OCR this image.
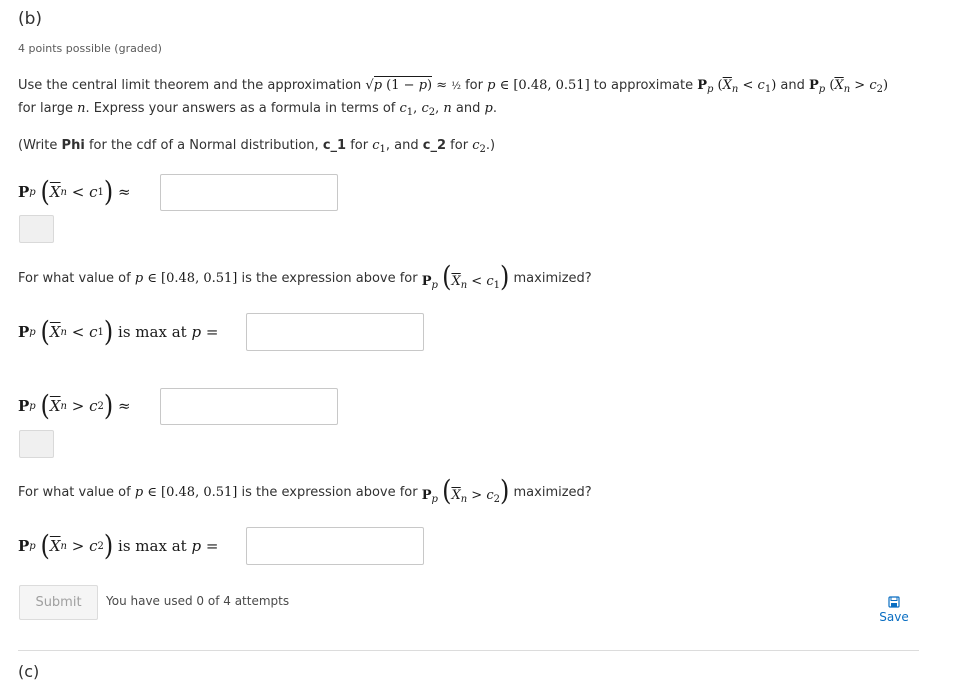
(b)
4 points possible (graded)
Use the central limit theorem and the approximation √p (1 − p) ≈ ½ for p ∈ [0.48, 0.51] to approximate $P_p$ $(\overline{X}_n < c_1)$ and $P_p$ $(\overline{X}_n > c_2)$
for large n. Express your answers as a formula in terms of $c_1$, $c_2$, n and p.
(Write Phi for the cdf of a Normal distribution, c_1 for $c_1$, and c_2 for $c_2$.)
P p
( $\overline{X}$ n < c 1 )
≈
For what value of
p ∈ [0.48, 0.51]
is the expression above for
$P_p$ $(\overline{X}_n < c_1)$
maximized?
P p
( $\overline{X}$ n < c 1 )
is max at
p =
P p
( $\overline{X}$ n > c 2 )
≈
For what value of
p ∈ [0.48, 0.51]
is the expression above for
$P_p$ $(\overline{X}_n > c_2)$
maximized?
P p
( $\overline{X}$ n > c 2 )
is max at
p =
Submit	You have used 0 of 4 attempts
Save
(c)
